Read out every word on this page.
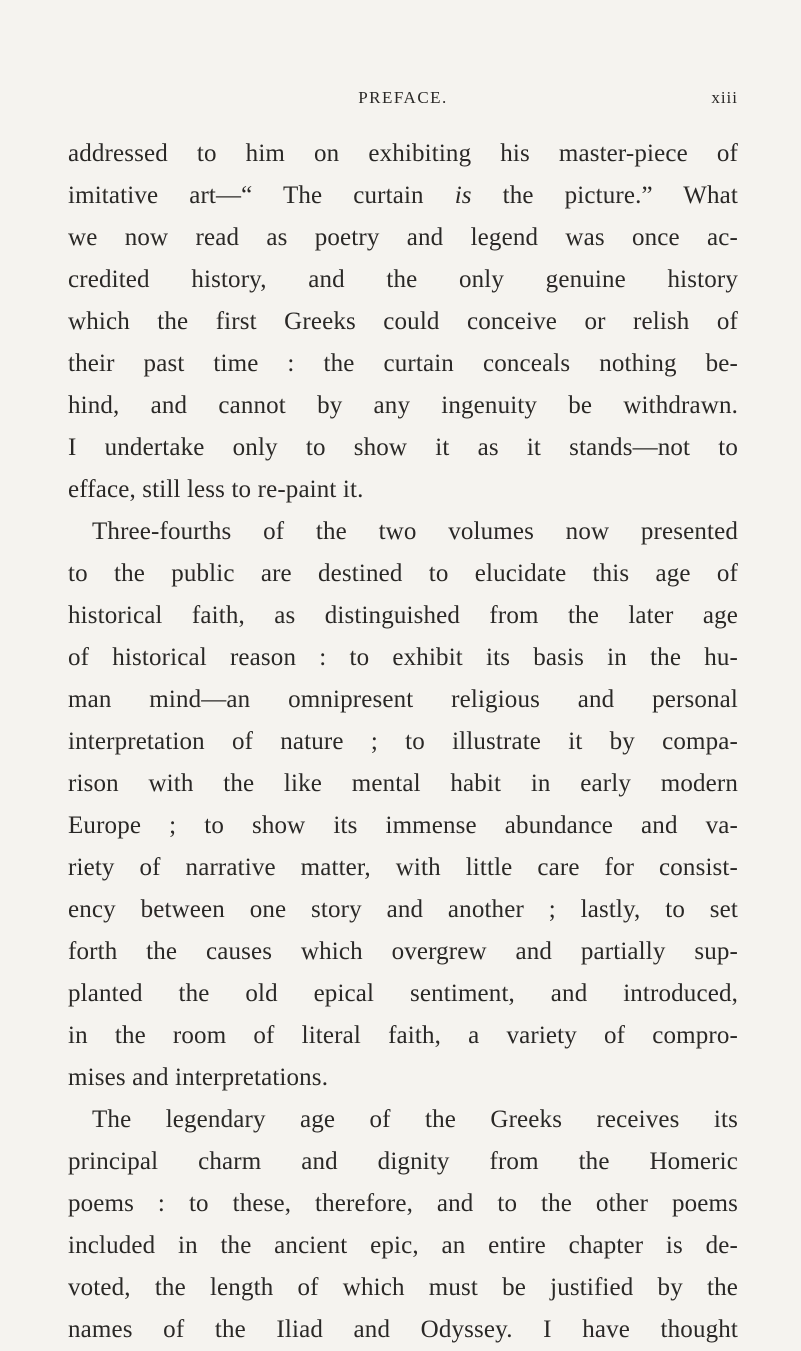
PREFACE.	xiii
addressed to him on exhibiting his master-piece of
imitative art—“ The curtain is the picture.” What
we now read as poetry and legend was once ac-
credited history, and the only genuine history
which the first Greeks could conceive or relish of
their past time : the curtain conceals nothing be-
hind, and cannot by any ingenuity be withdrawn.
I undertake only to show it as it stands—not to
efface, still less to re-paint it.
Three-fourths of the two volumes now presented
to the public are destined to elucidate this age of
historical faith, as distinguished from the later age
of historical reason : to exhibit its basis in the hu-
man mind—an omnipresent religious and personal
interpretation of nature ; to illustrate it by compa-
rison with the like mental habit in early modern
Europe ; to show its immense abundance and va-
riety of narrative matter, with little care for consist-
ency between one story and another ; lastly, to set
forth the causes which overgrew and partially sup-
planted the old epical sentiment, and introduced,
in the room of literal faith, a variety of compro-
mises and interpretations.
The legendary age of the Greeks receives its
principal charm and dignity from the Homeric
poems : to these, therefore, and to the other poems
included in the ancient epic, an entire chapter is de-
voted, the length of which must be justified by the
names of the Iliad and Odyssey. I have thought
